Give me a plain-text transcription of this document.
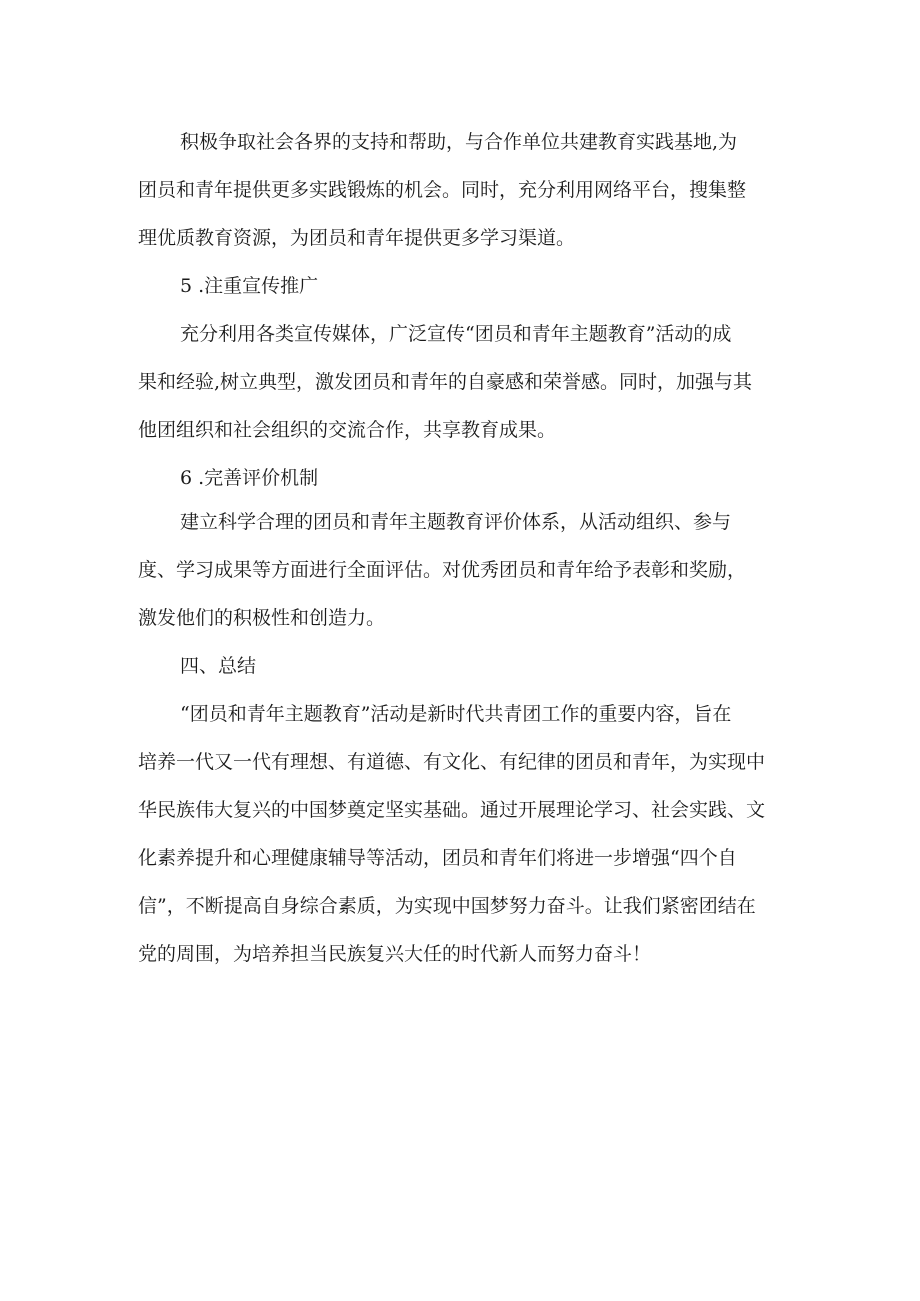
积极争取社会各界的支持和帮助，与合作单位共建教育实践基地,为
团员和青年提供更多实践锻炼的机会。同时，充分利用网络平台，搜集整
理优质教育资源，为团员和青年提供更多学习渠道。
5 .注重宣传推广
充分利用各类宣传媒体，广泛宣传“团员和青年主题教育”活动的成
果和经验,树立典型，激发团员和青年的自豪感和荣誉感。同时，加强与其
他团组织和社会组织的交流合作，共享教育成果。
6 .完善评价机制
建立科学合理的团员和青年主题教育评价体系，从活动组织、参与
度、学习成果等方面进行全面评估。对优秀团员和青年给予表彰和奖励，
激发他们的积极性和创造力。
四、总结
“团员和青年主题教育”活动是新时代共青团工作的重要内容，旨在
培养一代又一代有理想、有道德、有文化、有纪律的团员和青年，为实现中
华民族伟大复兴的中国梦奠定坚实基础。通过开展理论学习、社会实践、文
化素养提升和心理健康辅导等活动，团员和青年们将进一步增强“四个自
信”，不断提高自身综合素质，为实现中国梦努力奋斗。让我们紧密团结在
党的周围，为培养担当民族复兴大任的时代新人而努力奋斗！
